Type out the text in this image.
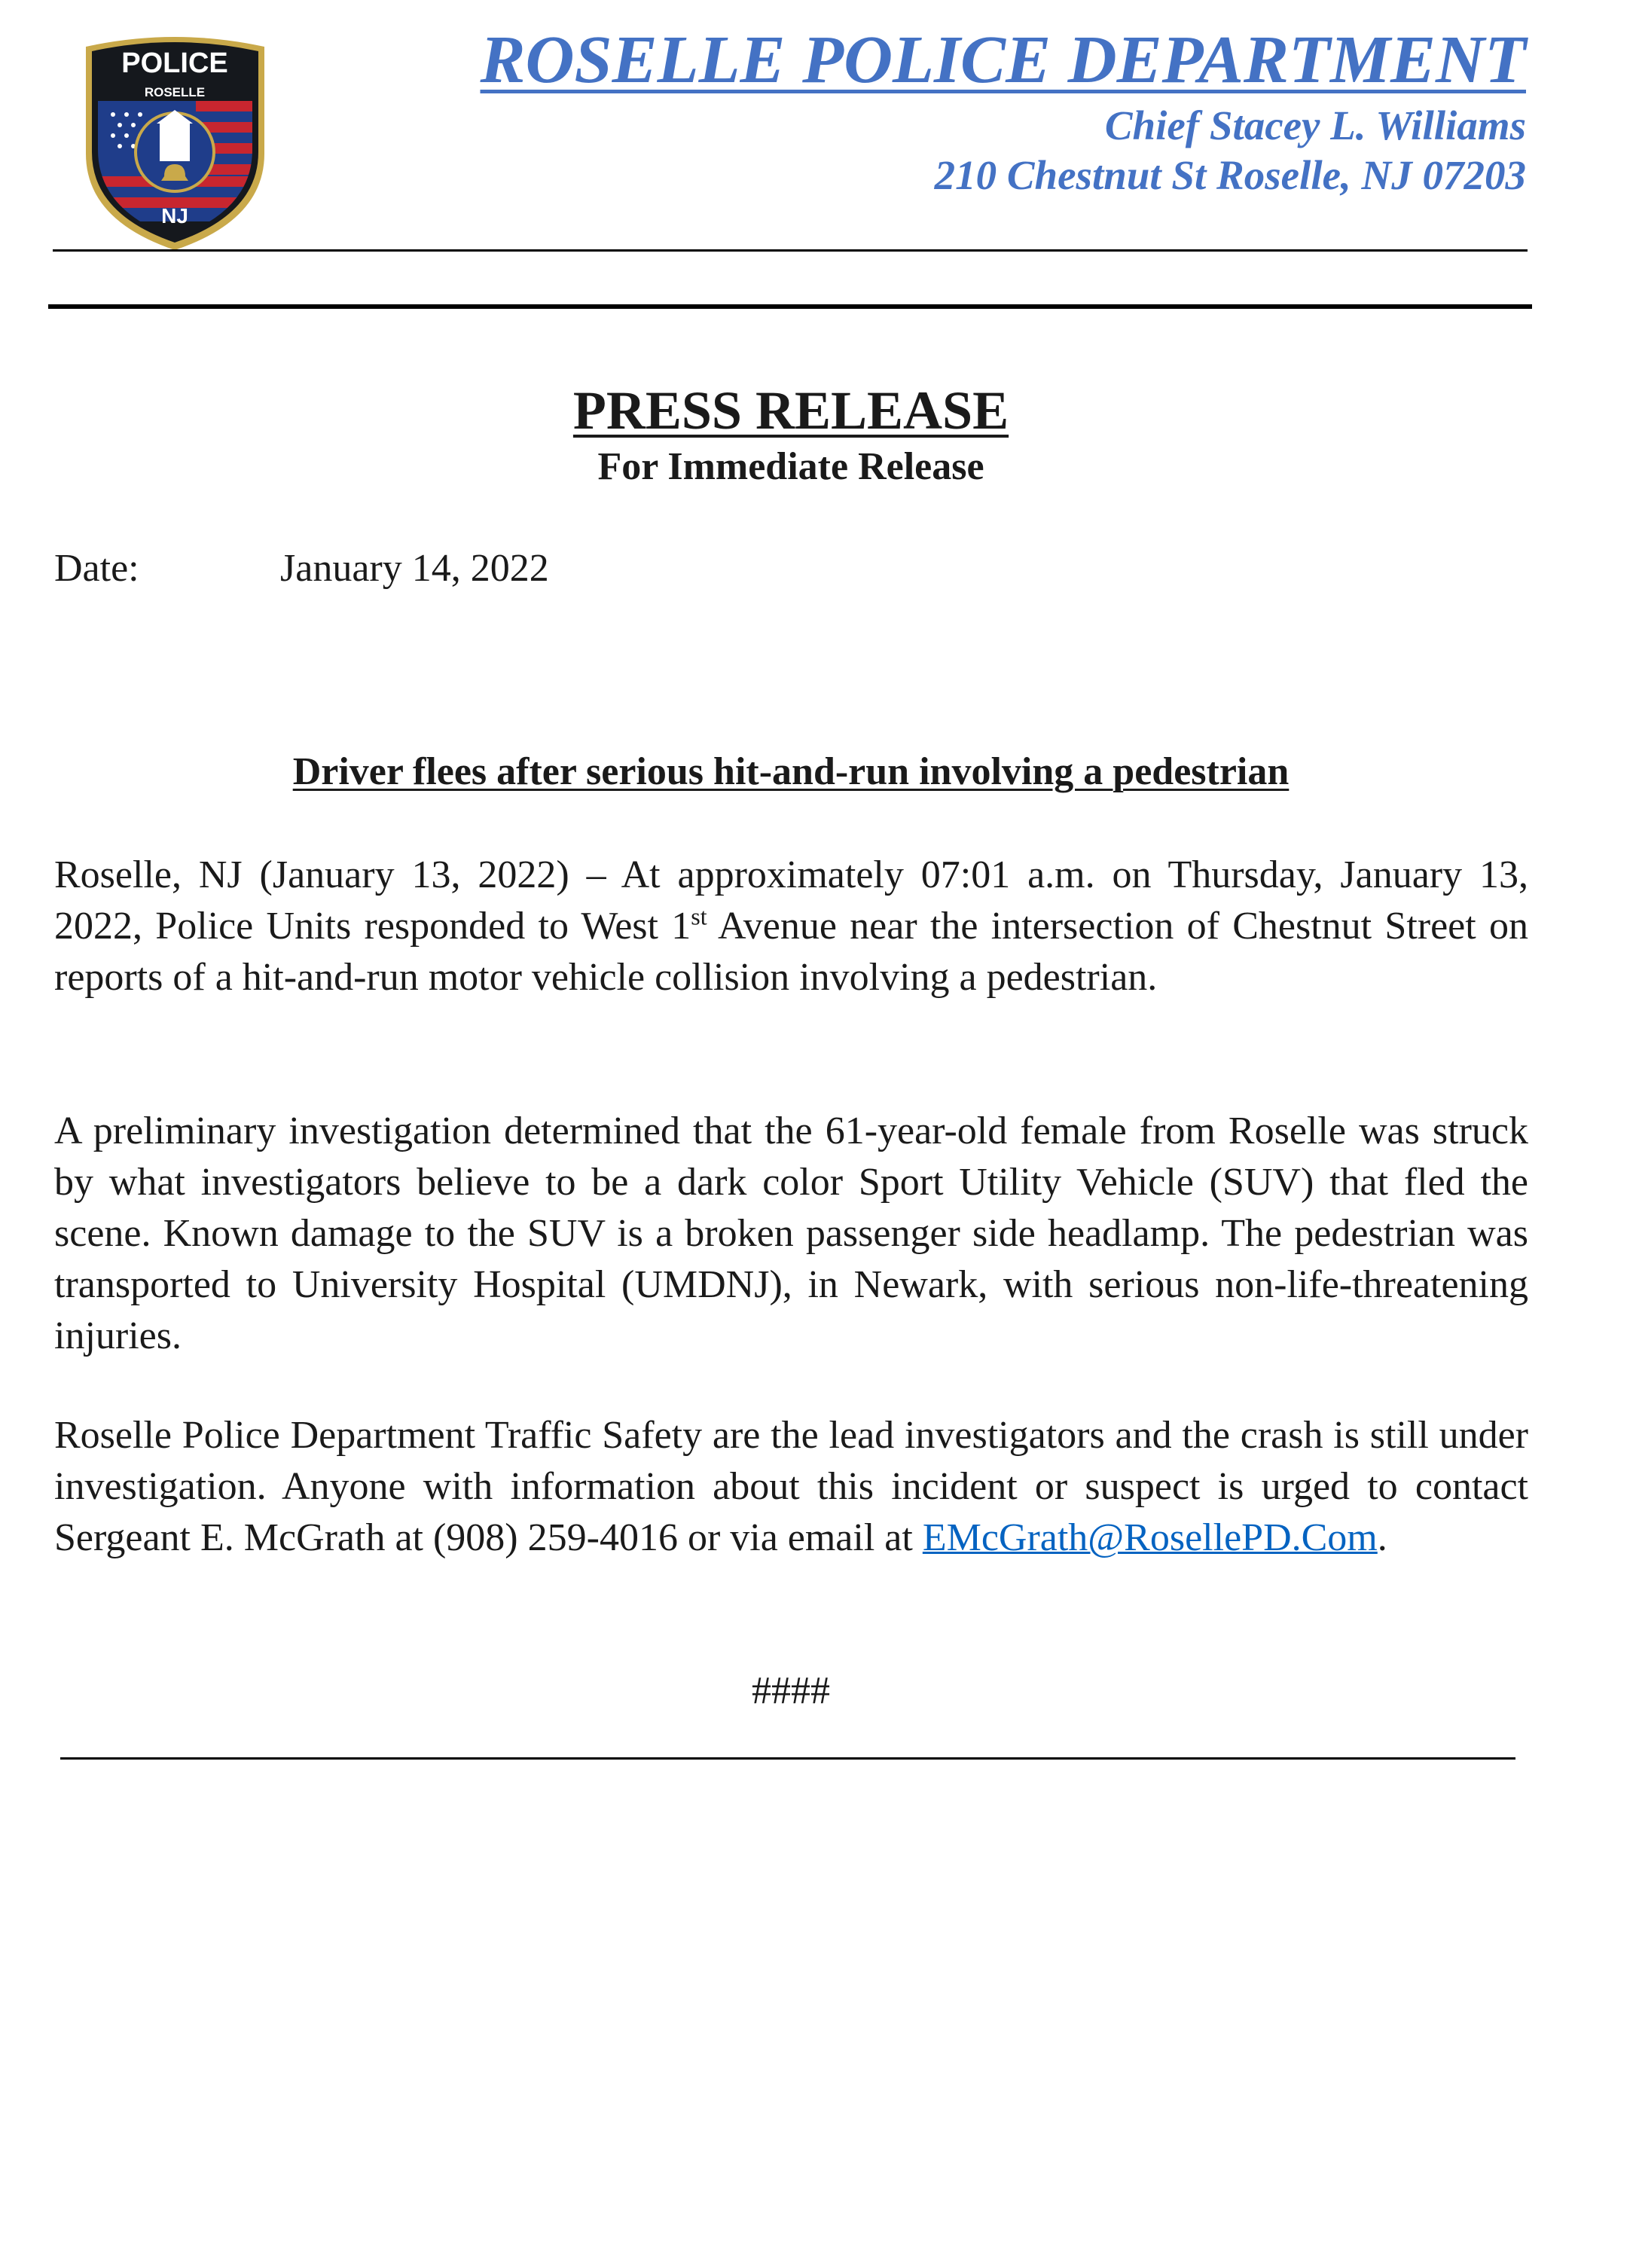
POLICE
ROSELLE
NJ
ROSELLE POLICE DEPARTMENT
Chief Stacey L. Williams
210 Chestnut St Roselle, NJ 07203
PRESS RELEASE
For Immediate Release
Date:	January 14, 2022
Driver flees after serious hit-and-run involving a pedestrian
Roselle, NJ (January 13, 2022) – At approximately 07:01 a.m. on Thursday, January 13, 2022, Police Units responded to West 1st Avenue near the intersection of Chestnut Street on reports of a hit-and-run motor vehicle collision involving a pedestrian.
A preliminary investigation determined that the 61-year-old female from Roselle was struck by what investigators believe to be a dark color Sport Utility Vehicle (SUV) that fled the scene. Known damage to the SUV is a broken passenger side headlamp. The pedestrian was transported to University Hospital (UMDNJ), in Newark, with serious non-life-threatening injuries.
Roselle Police Department Traffic Safety are the lead investigators and the crash is still under investigation. Anyone with information about this incident or suspect is urged to contact Sergeant E. McGrath at (908) 259-4016 or via email at EMcGrath@RosellePD.Com.
####
